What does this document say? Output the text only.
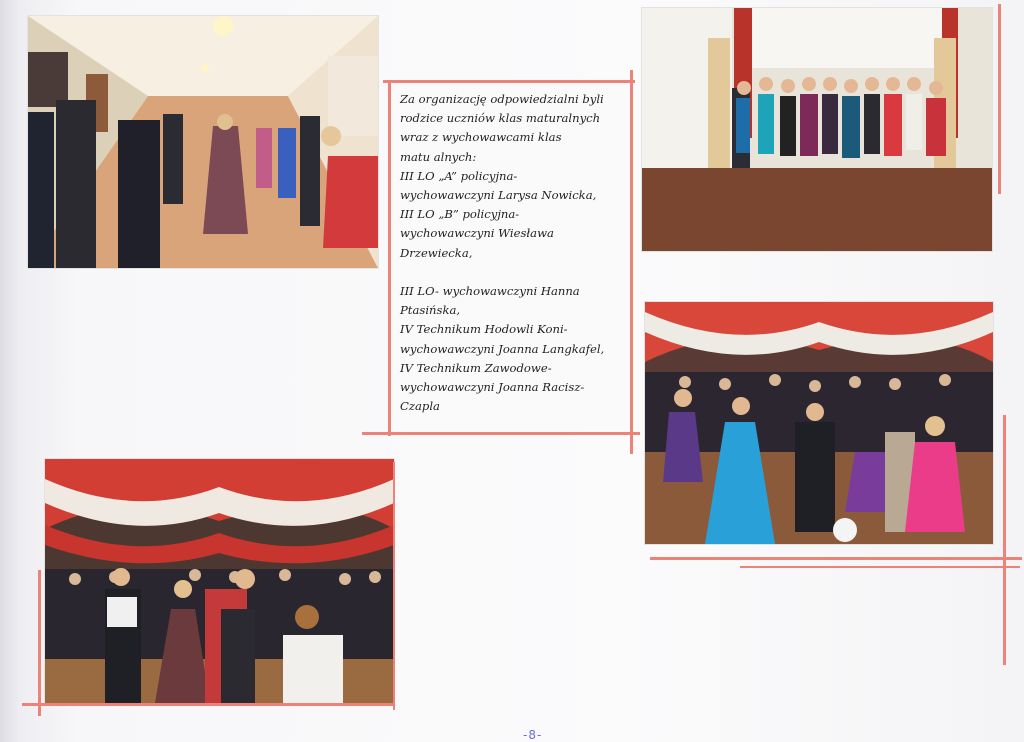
Za organizację odpowiedzialni byli
rodzice uczniów klas maturalnych
wraz z wychowawcami klas
matu alnych:
III LO „A” policyjna-
wychowawczyni Larysa Nowicka,
III LO „B” policyjna-
wychowawczyni Wiesława
Drzewiecka,
III LO- wychowawczyni Hanna
Ptasińska,
IV Technikum Hodowli Koni-
wychowawczyni Joanna Langkafel,
IV Technikum Zawodowe-
wychowawczyni Joanna Racisz-
Czapla
-8-
